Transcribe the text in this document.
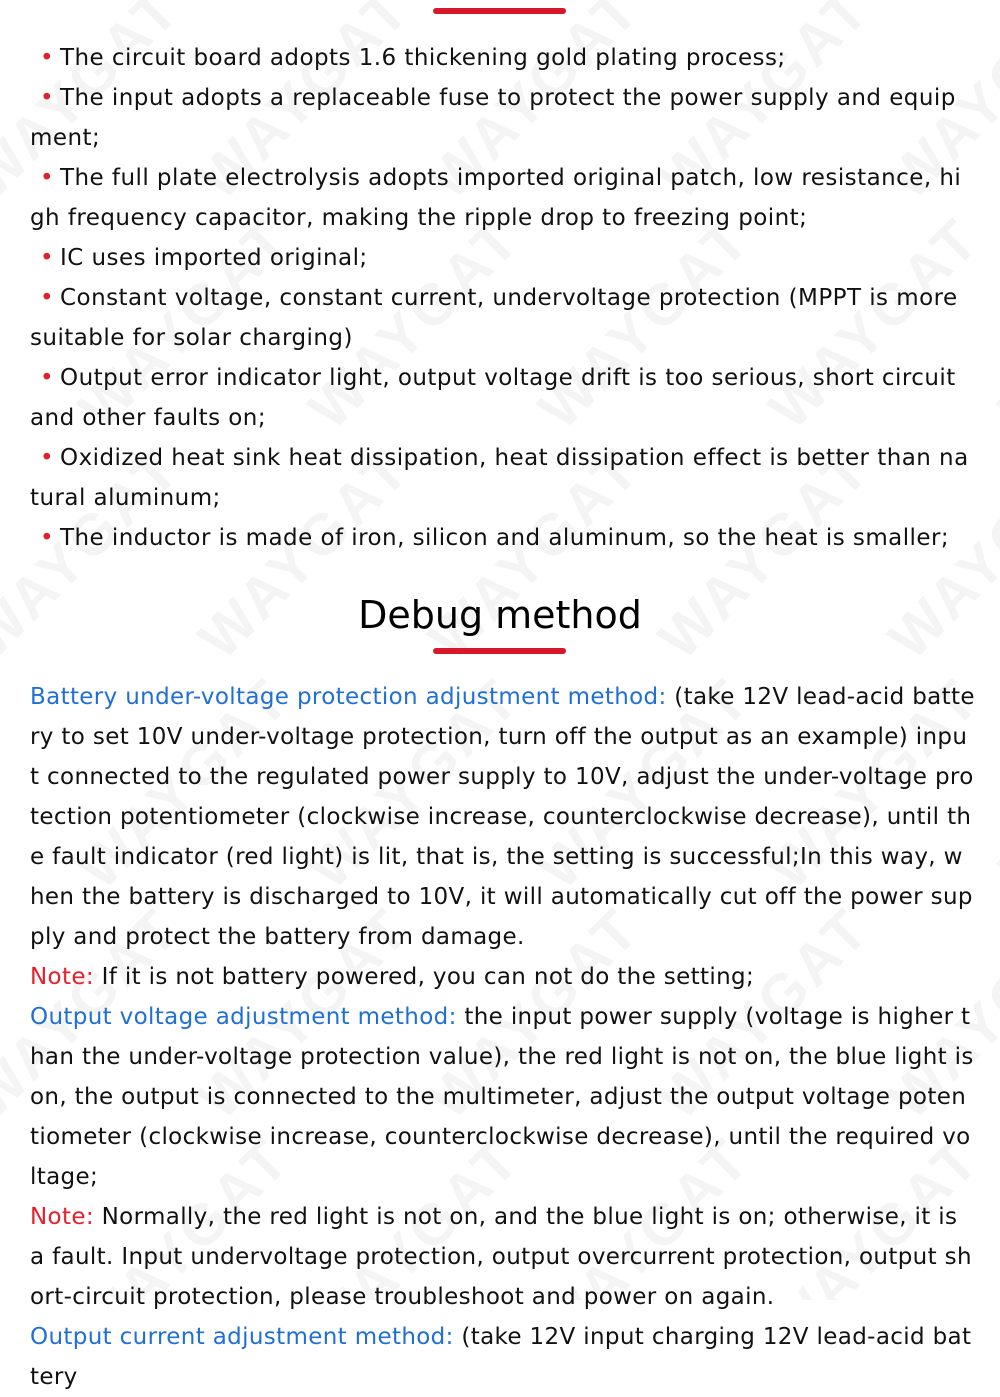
• The circuit board adopts 1.6 thickening gold plating process;
• The input adopts a replaceable fuse to protect the power supply and equipment;
• The full plate electrolysis adopts imported original patch, low resistance, high frequency capacitor, making the ripple drop to freezing point;
• IC uses imported original;
• Constant voltage, constant current, undervoltage protection (MPPT is more suitable for solar charging)
• Output error indicator light, output voltage drift is too serious, short circuit and other faults on;
• Oxidized heat sink heat dissipation, heat dissipation effect is better than natural aluminum;
• The inductor is made of iron, silicon and aluminum, so the heat is smaller;
Debug method

Battery under-voltage protection adjustment method: (take 12V lead-acid battery to set 10V under-voltage protection, turn off the output as an example) input connected to the regulated power supply to 10V, adjust the under-voltage protection potentiometer (clockwise increase, counterclockwise decrease), until the fault indicator (red light) is lit, that is, the setting is successful;In this way, when the battery is discharged to 10V, it will automatically cut off the power supply and protect the battery from damage.

Note: If it is not battery powered, you can not do the setting;

Output voltage adjustment method: the input power supply (voltage is higher than the under-voltage protection value), the red light is not on, the blue light is on, the output is connected to the multimeter, adjust the output voltage potentiometer (clockwise increase, counterclockwise decrease), until the required voltage;

Note: Normally, the red light is not on, and the blue light is on; otherwise, it is a fault. Input undervoltage protection, output overcurrent protection, output short-circuit protection, please troubleshoot and power on again.

Output current adjustment method: (take 12V input charging 12V lead-acid battery
